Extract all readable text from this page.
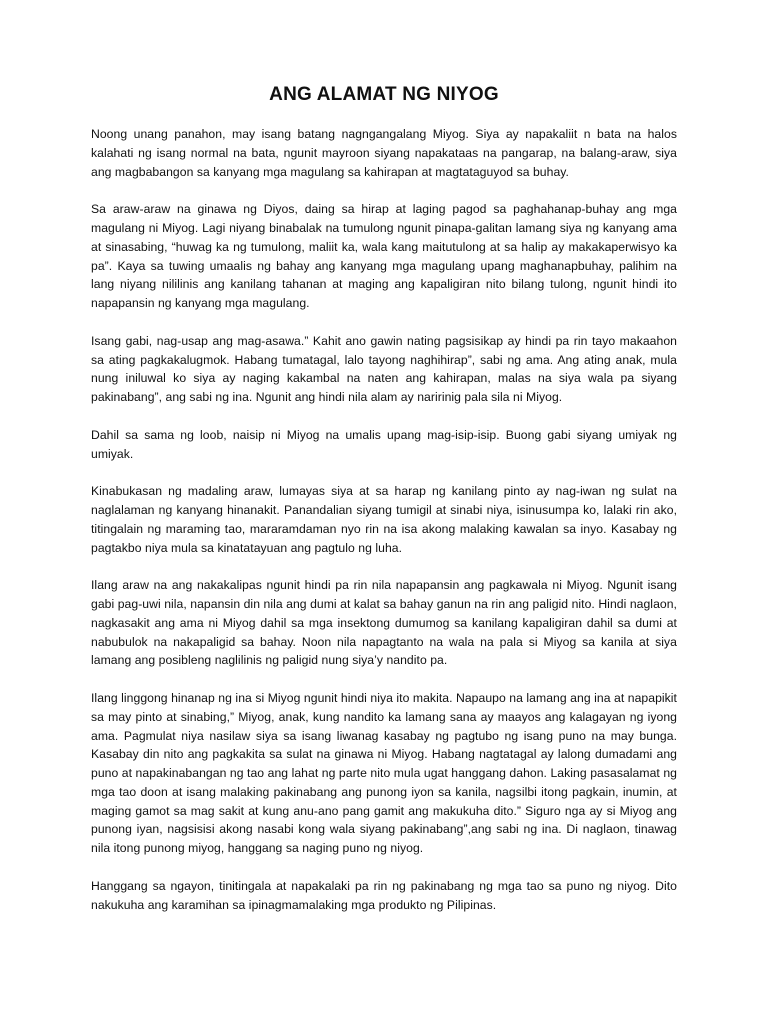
ANG ALAMAT NG NIYOG

Noong unang panahon, may isang batang nagngangalang Miyog. Siya ay napakaliit n bata na halos kalahati ng isang normal na bata, ngunit mayroon siyang napakataas na pangarap, na balang-araw, siya ang magbabangon sa kanyang mga magulang sa kahirapan at magtataguyod sa buhay.

Sa araw-araw na ginawa ng Diyos, daing sa hirap at laging pagod sa paghahanap-buhay ang mga magulang ni Miyog. Lagi niyang binabalak na tumulong ngunit pinapa-galitan lamang siya ng kanyang ama at sinasabing, “huwag ka ng tumulong, maliit ka, wala kang maitutulong at sa halip ay makakaperwisyo ka pa”. Kaya sa tuwing umaalis ng bahay ang kanyang mga magulang upang maghanapbuhay, palihim na lang niyang nililinis ang kanilang tahanan at maging ang kapaligiran nito bilang tulong, ngunit hindi ito napapansin ng kanyang mga magulang.

Isang gabi, nag-usap ang mag-asawa.” Kahit ano gawin nating pagsisikap ay hindi pa rin tayo makaahon sa ating pagkakalugmok. Habang tumatagal, lalo tayong naghihirap”, sabi ng ama. Ang ating anak, mula nung iniluwal ko siya ay naging kakambal na naten ang kahirapan, malas na siya wala pa siyang pakinabang”, ang sabi ng ina. Ngunit ang hindi nila alam ay naririnig pala sila ni Miyog.

Dahil sa sama ng loob, naisip ni Miyog na umalis upang mag-isip-isip. Buong gabi siyang umiyak ng umiyak.

Kinabukasan ng madaling araw, lumayas siya at sa harap ng kanilang pinto ay nag-iwan ng sulat na naglalaman ng kanyang hinanakit. Panandalian siyang tumigil at sinabi niya, isinusumpa ko, lalaki rin ako, titingalain ng maraming tao, mararamdaman nyo rin na isa akong malaking kawalan sa inyo. Kasabay ng pagtakbo niya mula sa kinatatayuan ang pagtulo ng luha.

Ilang araw na ang nakakalipas ngunit hindi pa rin nila napapansin ang pagkawala ni Miyog. Ngunit isang gabi pag-uwi nila, napansin din nila ang dumi at kalat sa bahay ganun na rin ang paligid nito. Hindi naglaon, nagkasakit ang ama ni Miyog dahil sa mga insektong dumumog sa kanilang kapaligiran dahil sa dumi at nabubulok na nakapaligid sa bahay. Noon nila napagtanto na wala na pala si Miyog sa kanila at siya lamang ang posibleng naglilinis ng paligid nung siya’y nandito pa.

Ilang linggong hinanap ng ina si Miyog ngunit hindi niya ito makita. Napaupo na lamang ang ina at napapikit sa may pinto at sinabing,” Miyog, anak, kung nandito ka lamang sana ay maayos ang kalagayan ng iyong ama. Pagmulat niya nasilaw siya sa isang liwanag kasabay ng pagtubo ng isang puno na may bunga. Kasabay din nito ang pagkakita sa sulat na ginawa ni Miyog. Habang nagtatagal ay lalong dumadami ang puno at napakinabangan ng tao ang lahat ng parte nito mula ugat hanggang dahon. Laking pasasalamat ng mga tao doon at isang malaking pakinabang ang punong iyon sa kanila, nagsilbi itong pagkain, inumin, at maging gamot sa mag sakit at kung anu-ano pang gamit ang makukuha dito.” Siguro nga ay si Miyog ang punong iyan, nagsisisi akong nasabi kong wala siyang pakinabang”,ang sabi ng ina. Di naglaon, tinawag nila itong punong miyog, hanggang sa naging puno ng niyog.

Hanggang sa ngayon, tinitingala at napakalaki pa rin ng pakinabang ng mga tao sa puno ng niyog. Dito nakukuha ang karamihan sa ipinagmamalaking mga produkto ng Pilipinas.
